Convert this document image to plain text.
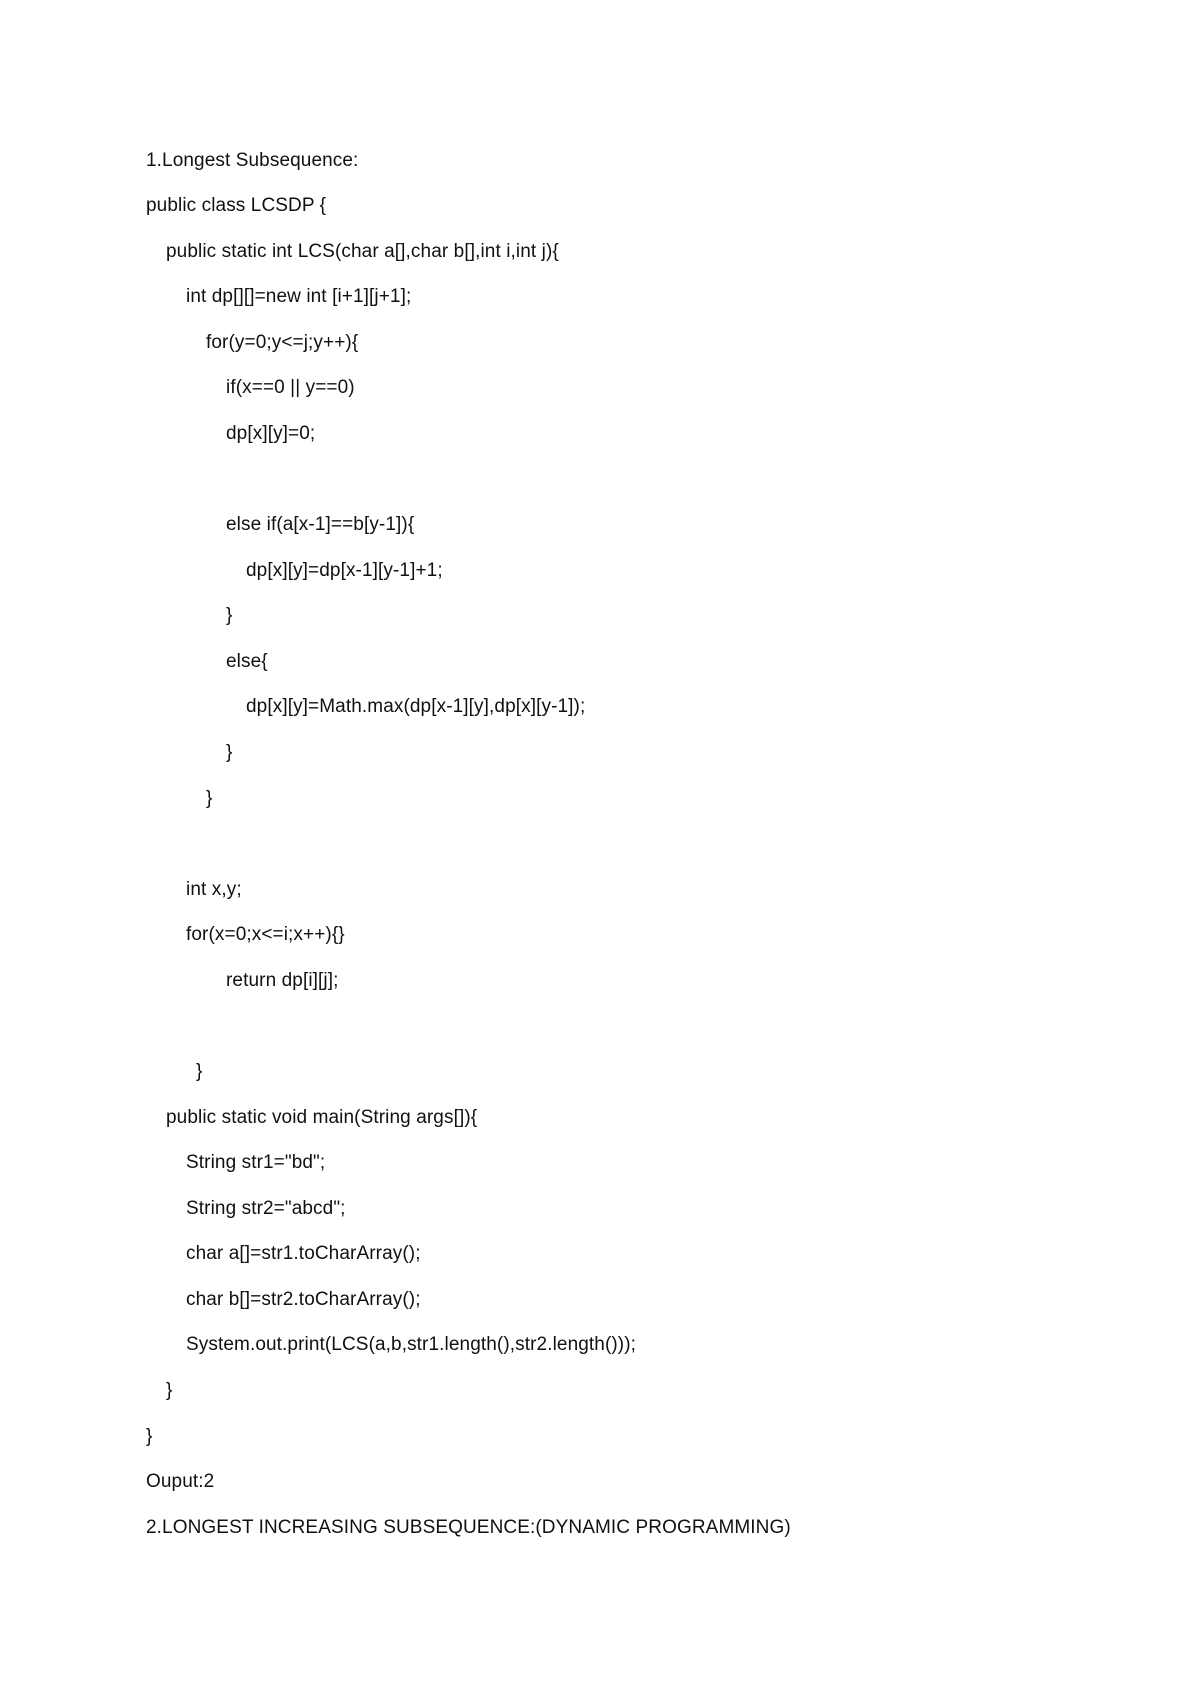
1.Longest Subsequence:
public class LCSDP {
public static int LCS(char a[],char b[],int i,int j){
int dp[][]=new int [i+1][j+1];
for(y=0;y<=j;y++){
if(x==0 || y==0)
dp[x][y]=0;
else if(a[x-1]==b[y-1]){
dp[x][y]=dp[x-1][y-1]+1;
}
else{
dp[x][y]=Math.max(dp[x-1][y],dp[x][y-1]);
}
}
int x,y;
for(x=0;x<=i;x++){}
return dp[i][j];
}
public static void main(String args[]){
String str1="bd";
String str2="abcd";
char a[]=str1.toCharArray();
char b[]=str2.toCharArray();
System.out.print(LCS(a,b,str1.length(),str2.length()));
}
}
Ouput:2
2.LONGEST INCREASING SUBSEQUENCE:(DYNAMIC PROGRAMMING)
